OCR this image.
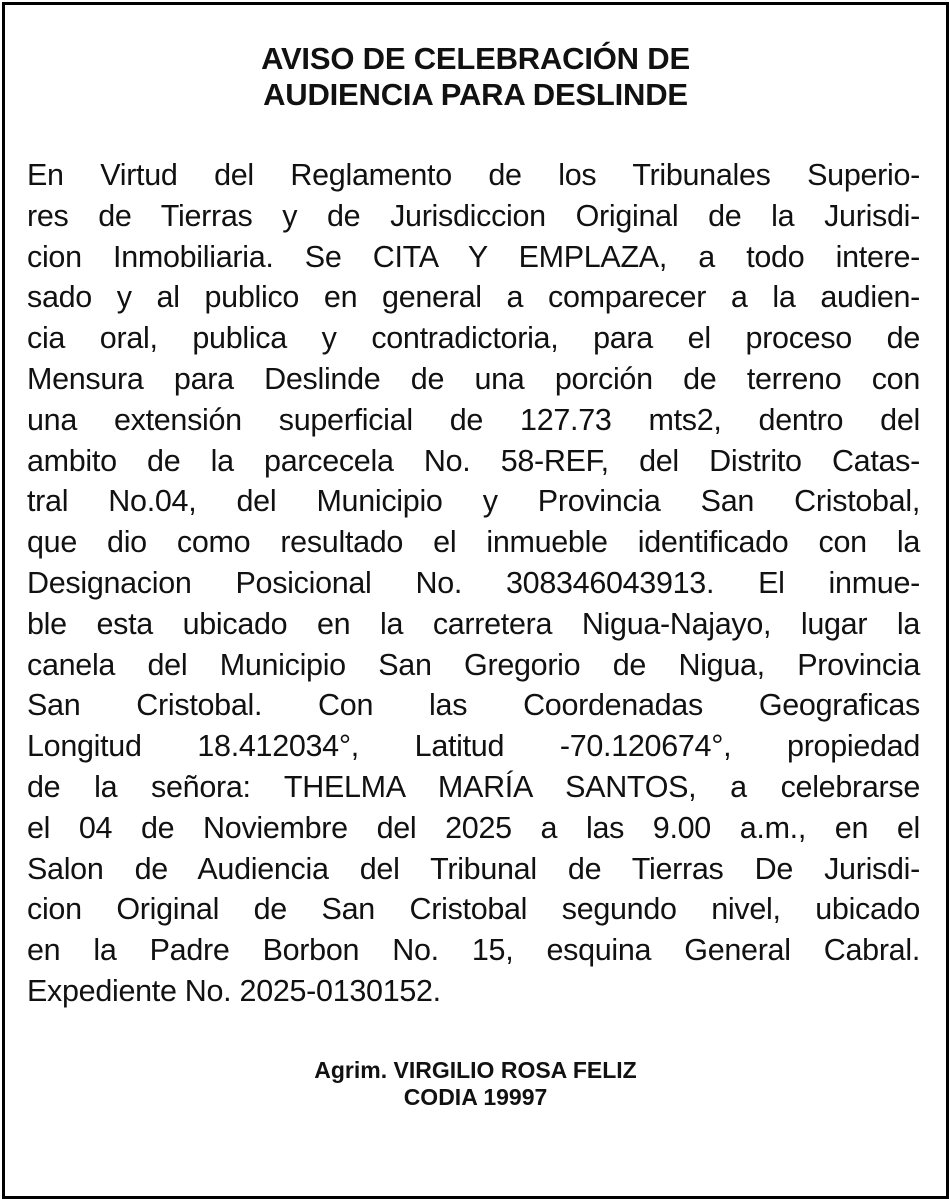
AVISO DE CELEBRACIÓN DE
AUDIENCIA PARA DESLINDE
En Virtud del Reglamento de los Tribunales Superio-
res de Tierras y de Jurisdiccion Original de la Jurisdi-
cion Inmobiliaria. Se CITA Y EMPLAZA, a todo intere-
sado y al publico en general a comparecer a la audien-
cia oral, publica y contradictoria, para el proceso de
Mensura para Deslinde de una porción de terreno con
una extensión superficial de 127.73 mts2, dentro del
ambito de la parcecela No. 58-REF, del Distrito Catas-
tral No.04, del Municipio y Provincia San Cristobal,
que dio como resultado el inmueble identificado con la
Designacion Posicional No. 308346043913. El inmue-
ble esta ubicado en la carretera Nigua-Najayo, lugar la
canela del Municipio San Gregorio de Nigua, Provincia
San Cristobal. Con las Coordenadas Geograficas
Longitud 18.412034°, Latitud -70.120674°, propiedad
de la señora: THELMA MARÍA SANTOS, a celebrarse
el 04 de Noviembre del 2025 a las 9.00 a.m., en el
Salon de Audiencia del Tribunal de Tierras De Jurisdi-
cion Original de San Cristobal segundo nivel, ubicado
en la Padre Borbon No. 15, esquina General Cabral.
Expediente No. 2025-0130152.
Agrim. VIRGILIO ROSA FELIZ
CODIA 19997
